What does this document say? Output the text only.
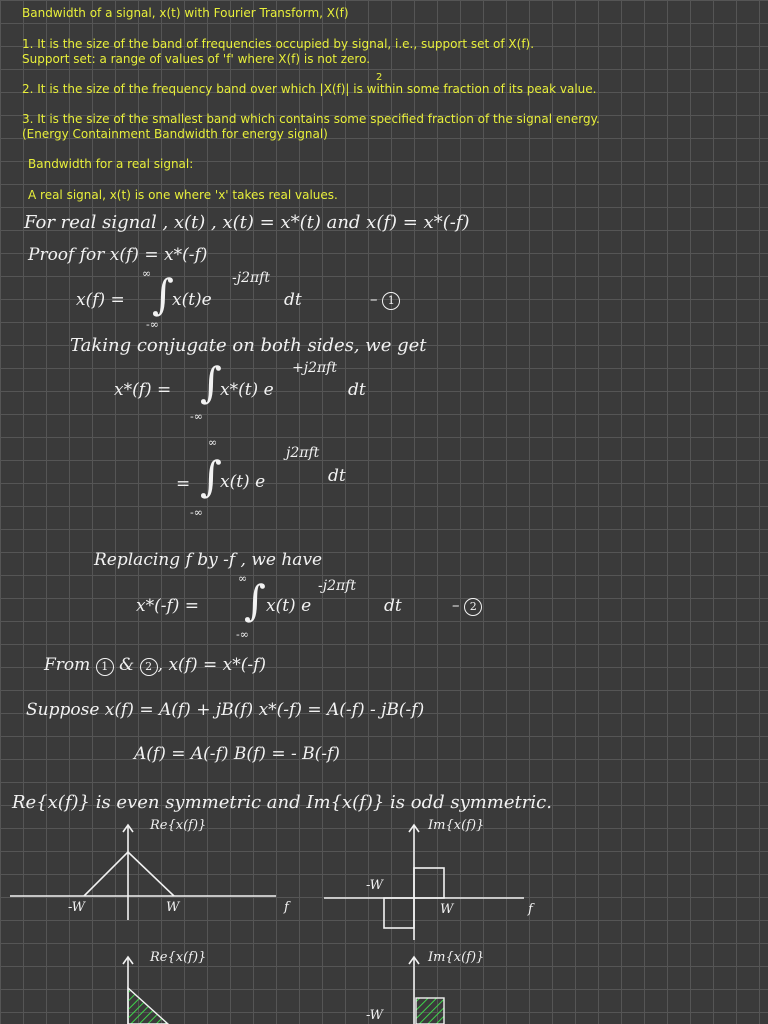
Bandwidth of a signal, x(t) with Fourier Transform, X(f)
1. It is the size of the band of frequencies occupied by signal, i.e., support set of X(f).
Support set: a range of values of 'f' where X(f) is not zero.
2. It is the size of the frequency band over which |X(f)| is within some fraction of its peak value.
2
3. It is the size of the smallest band which contains some specified fraction of the signal energy.
(Energy Containment Bandwidth for energy signal)
Bandwidth for a real signal:
A real signal, x(t) is one where 'x' takes real values.
For real signal , x(t) , x(t) = x*(t) and x(f) = x*(-f)
Proof for x(f) = x*(-f)
x(f) = ∫
∞
-∞
x(t)e
-j2πft
dt	– 1
Taking conjugate on both sides, we get
x*(f) = ∫
-∞
x*(t) e
+j2πft
dt
∞
= ∫
-∞
x(t) e
j2πft
dt
Replacing f by -f , we have
∞
x*(-f) = ∫
-∞
x(t) e
-j2πft
dt	– 2
From 1 & 2 , x(f) = x*(-f)
Suppose x(f) = A(f) + jB(f) x*(-f) = A(-f) - jB(-f)
A(f) = A(-f) B(f) = - B(-f)
Re{x(f)} is even symmetric and Im{x(f)} is odd symmetric.
Re{x(f)}	Im{x(f)}
-W	W	f
-W
W	f
Re{x(f)}	Im{x(f)}
-W
